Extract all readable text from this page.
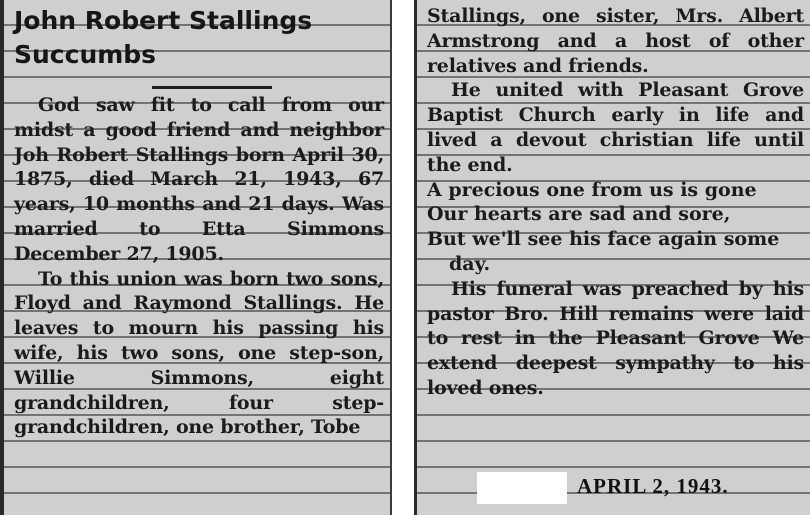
John Robert Stallings
Succumbs

God saw fit to call from our midst a good friend and neighbor Joh Robert Stallings born April 30, 1875, died March 21, 1943, 67 years, 10 months and 21 days. Was married to Etta Simmons December 27, 1905.

To this union was born two sons, Floyd and Raymond Stallings. He leaves to mourn his passing his wife, his two sons, one step-son, Willie Simmons, eight grandchildren, four step-grandchildren, one brother, Tobe

Stallings, one sister, Mrs. Albert Armstrong and a host of other relatives and friends.

He united with Pleasant Grove Baptist Church early in life and lived a devout christian life until the end.

A precious one from us is gone
Our hearts are sad and sore,
But we'll see his face again some
day.

His funeral was preached by his pastor Bro. Hill remains were laid to rest in the Pleasant Grove We extend deepest sympathy to his loved ones.

APRIL 2, 1943.
